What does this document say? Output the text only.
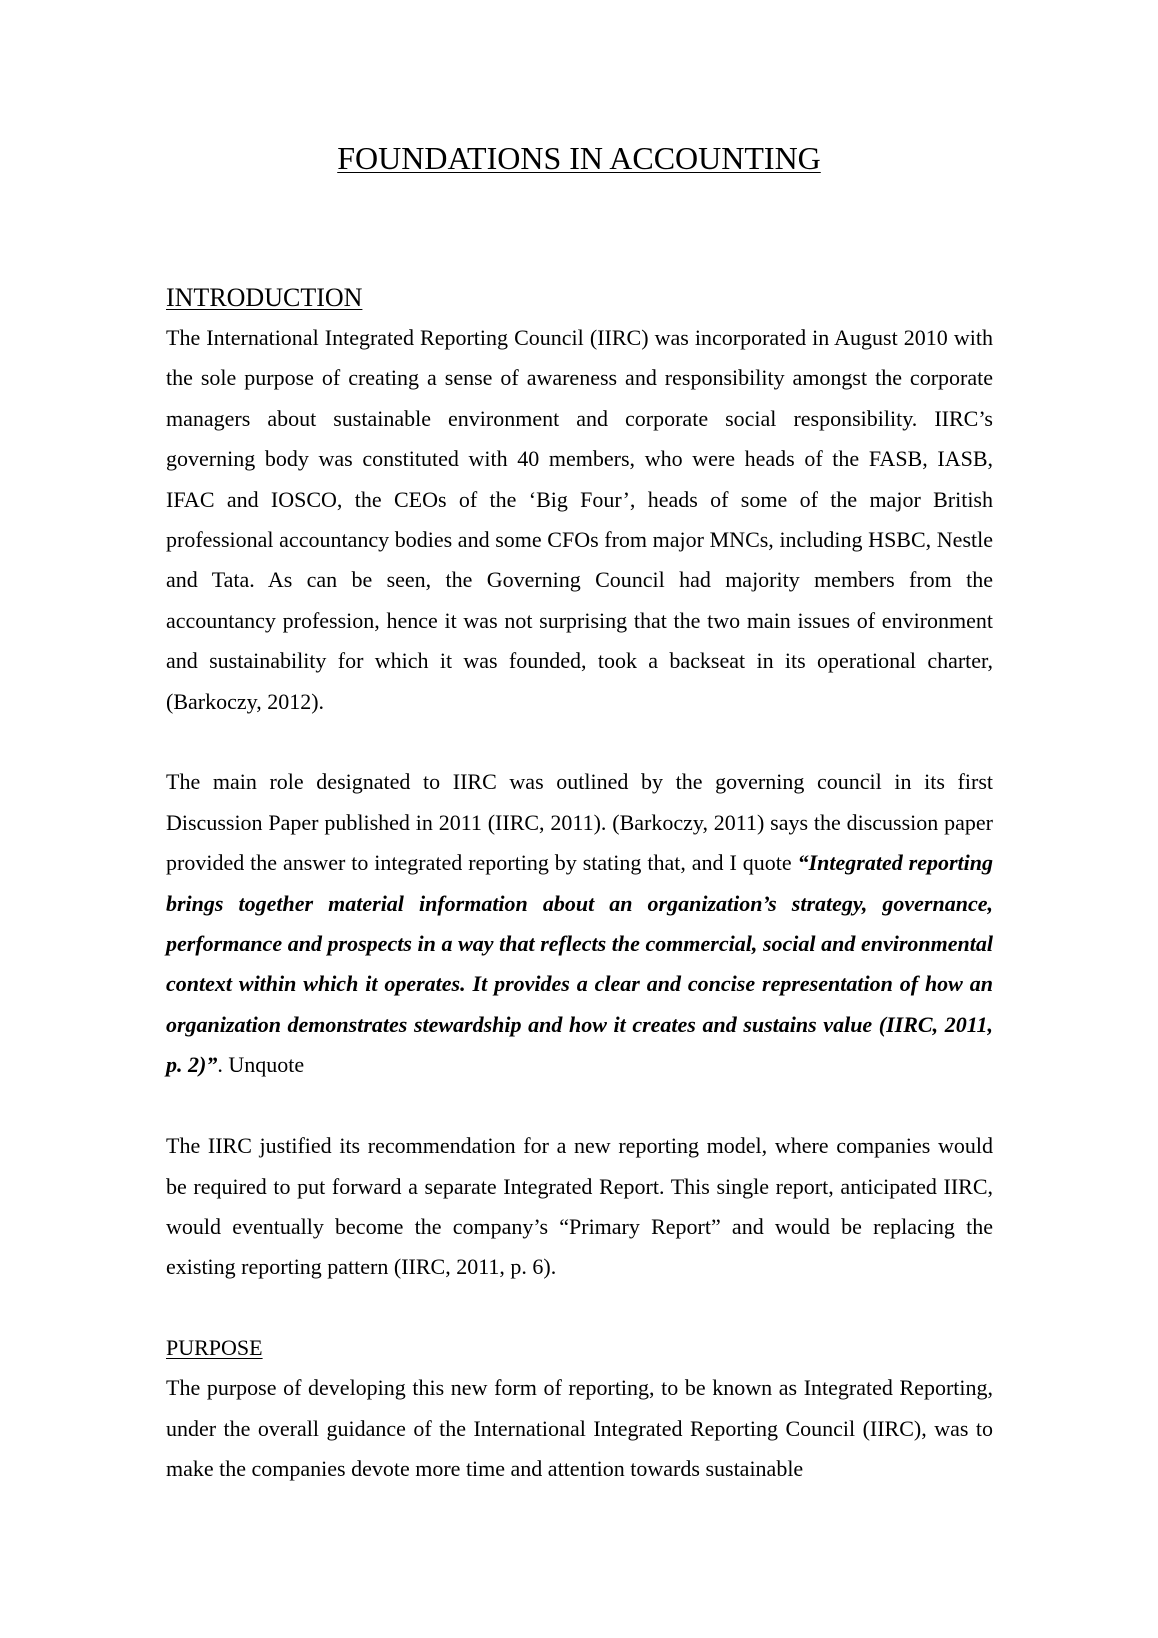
FOUNDATIONS IN ACCOUNTING
INTRODUCTION

The International Integrated Reporting Council (IIRC) was incorporated in August 2010 with the sole purpose of creating a sense of awareness and responsibility amongst the corporate managers about sustainable environment and corporate social responsibility. IIRC’s governing body was constituted with 40 members, who were heads of the FASB, IASB, IFAC and IOSCO, the CEOs of the ‘Big Four’, heads of some of the major British professional accountancy bodies and some CFOs from major MNCs, including HSBC, Nestle and Tata. As can be seen, the Governing Council had majority members from the accountancy profession, hence it was not surprising that the two main issues of environment and sustainability for which it was founded, took a backseat in its operational charter, (Barkoczy, 2012).

The main role designated to IIRC was outlined by the governing council in its first Discussion Paper published in 2011 (IIRC, 2011). (Barkoczy, 2011) says the discussion paper provided the answer to integrated reporting by stating that, and I quote “Integrated reporting brings together material information about an organization’s strategy, governance, performance and prospects in a way that reflects the commercial, social and environmental context within which it operates. It provides a clear and concise representation of how an organization demonstrates stewardship and how it creates and sustains value (IIRC, 2011, p. 2)”. Unquote

The IIRC justified its recommendation for a new reporting model, where companies would be required to put forward a separate Integrated Report. This single report, anticipated IIRC, would eventually become the company’s “Primary Report” and would be replacing the existing reporting pattern (IIRC, 2011, p. 6).

PURPOSE

The purpose of developing this new form of reporting, to be known as Integrated Reporting, under the overall guidance of the International Integrated Reporting Council (IIRC), was to make the companies devote more time and attention towards sustainable
